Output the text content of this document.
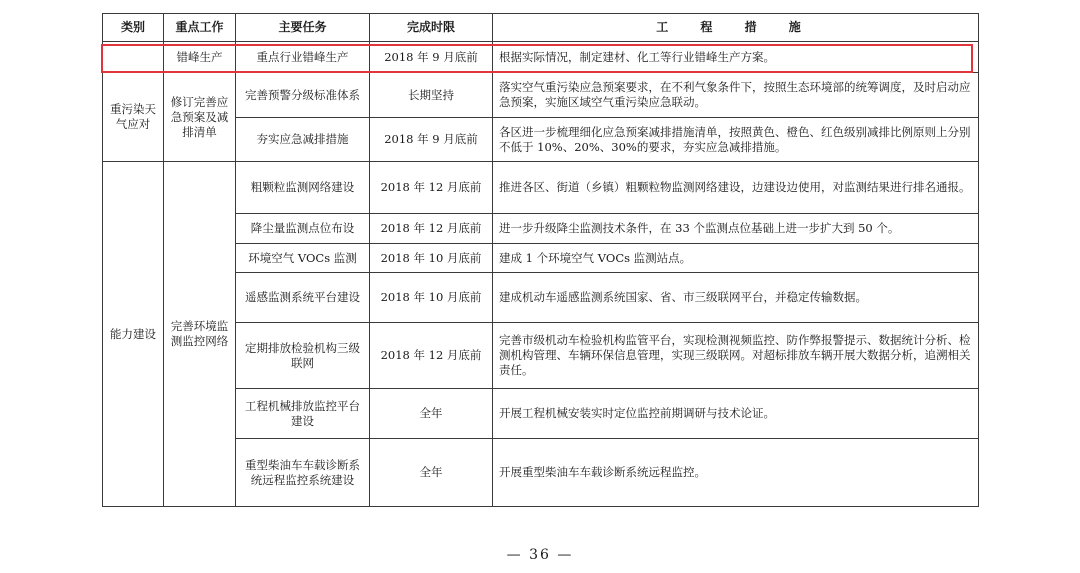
类别	重点工作	主要任务	完成时限	工 程 措 施
	错峰生产	重点行业错峰生产	2018 年 9 月底前	根据实际情况，制定建材、化工等行业错峰生产方案。
重污染天气应对	修订完善应急预案及减排清单	完善预警分级标准体系	长期坚持	落实空气重污染应急预案要求，在不利气象条件下，按照生态环境部的统筹调度，及时启动应急预案，实施区域空气重污染应急联动。
		夯实应急减排措施	2018 年 9 月底前	各区进一步梳理细化应急预案减排措施清单，按照黄色、橙色、红色级别减排比例原则上分别不低于 10%、20%、30%的要求，夯实应急减排措施。
能力建设	完善环境监测监控网络	粗颗粒监测网络建设	2018 年 12 月底前	推进各区、街道（乡镇）粗颗粒物监测网络建设，边建设边使用，对监测结果进行排名通报。
		降尘量监测点位布设	2018 年 12 月底前	进一步升级降尘监测技术条件，在 33 个监测点位基础上进一步扩大到 50 个。
		环境空气 VOCs 监测	2018 年 10 月底前	建成 1 个环境空气 VOCs 监测站点。
		遥感监测系统平台建设	2018 年 10 月底前	建成机动车遥感监测系统国家、省、市三级联网平台，并稳定传输数据。
		定期排放检验机构三级联网	2018 年 12 月底前	完善市级机动车检验机构监管平台，实现检测视频监控、防作弊报警提示、数据统计分析、检测机构管理、车辆环保信息管理，实现三级联网。对超标排放车辆开展大数据分析，追溯相关责任。
		工程机械排放监控平台建设	全年	开展工程机械安装实时定位监控前期调研与技术论证。
		重型柴油车车载诊断系统远程监控系统建设	全年	开展重型柴油车车载诊断系统远程监控。
— 36 —
